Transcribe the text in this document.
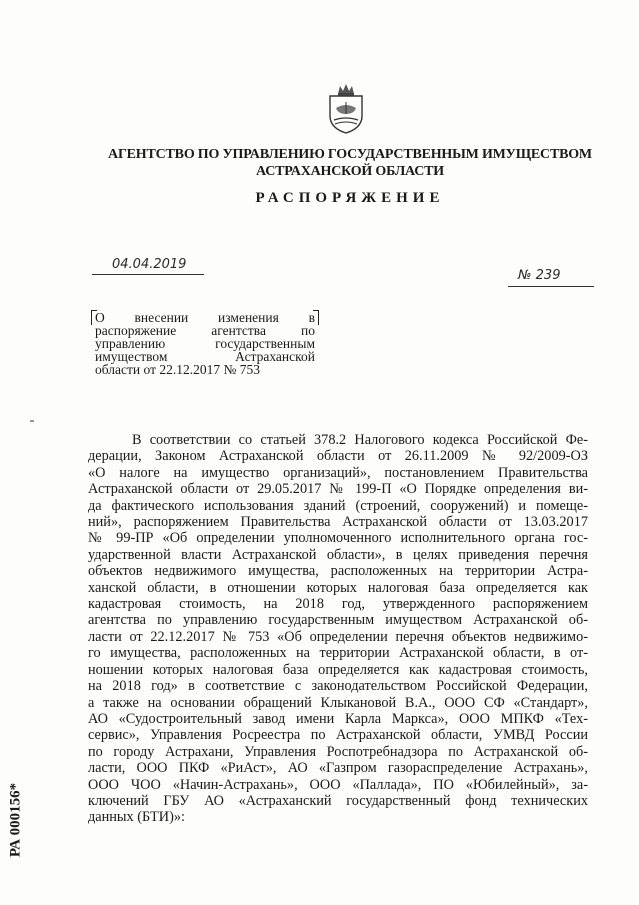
АГЕНТСТВО ПО УПРАВЛЕНИЮ ГОСУДАРСТВЕННЫМ ИМУЩЕСТВОМ
АСТРАХАНСКОЙ ОБЛАСТИ
РАСПОРЯЖЕНИЕ
04.04.2019
№ 239
О внесении изменения в
распоряжение агентства по
управлению государственным
имуществом Астраханской
области от 22.12.2017 № 753
В соответствии со статьей 378.2 Налогового кодекса Российской Фе-
дерации, Законом Астраханской области от 26.11.2009 № 92/2009-ОЗ
«О налоге на имущество организаций», постановлением Правительства
Астраханской области от 29.05.2017 № 199-П «О Порядке определения ви-
да фактического использования зданий (строений, сооружений) и помеще-
ний», распоряжением Правительства Астраханской области от 13.03.2017
№ 99-ПР «Об определении уполномоченного исполнительного органа гос-
ударственной власти Астраханской области», в целях приведения перечня
объектов недвижимого имущества, расположенных на территории Астра-
ханской области, в отношении которых налоговая база определяется как
кадастровая стоимость, на 2018 год, утвержденного распоряжением
агентства по управлению государственным имуществом Астраханской об-
ласти от 22.12.2017 № 753 «Об определении перечня объектов недвижимо-
го имущества, расположенных на территории Астраханской области, в от-
ношении которых налоговая база определяется как кадастровая стоимость,
на 2018 год» в соответствие с законодательством Российской Федерации,
а также на основании обращений Клыкановой В.А., ООО СФ «Стандарт»,
АО «Судостроительный завод имени Карла Маркса», ООО МПКФ «Тех-
сервис», Управления Росреестра по Астраханской области, УМВД России
по городу Астрахани, Управления Роспотребнадзора по Астраханской об-
ласти, ООО ПКФ «РиАст», АО «Газпром газораспределение Астрахань»,
ООО ЧОО «Начин-Астрахань», ООО «Паллада», ПО «Юбилейный», за-
ключений ГБУ АО «Астраханский государственный фонд технических
данных (БТИ)»:
РА 000156*
